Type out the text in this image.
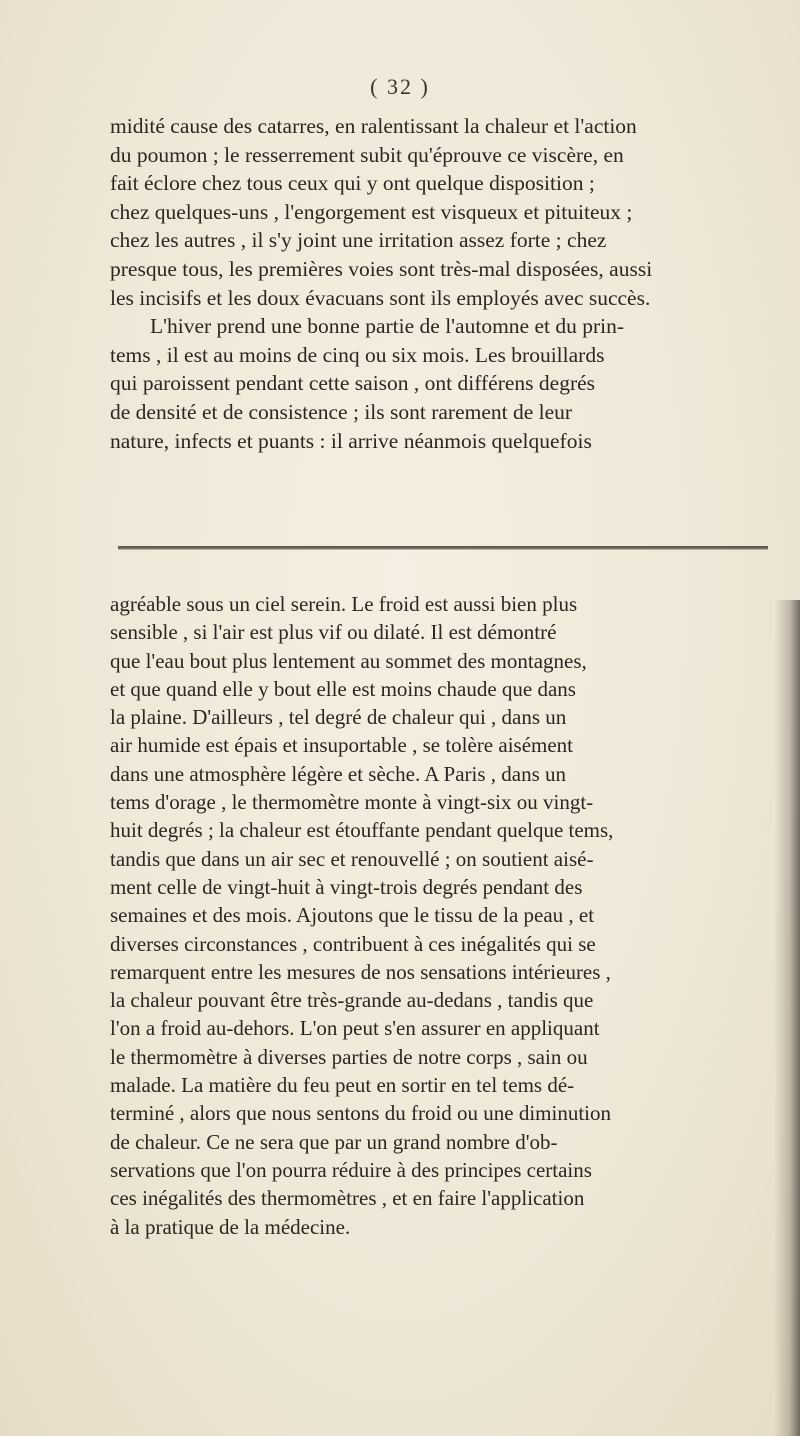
( 32 )

midité cause des catarres, en ralentissant la chaleur et l'action
du poumon ; le resserrement subit qu'éprouve ce viscère, en
fait éclore chez tous ceux qui y ont quelque disposition ;
chez quelques-uns , l'engorgement est visqueux et pituiteux ;
chez les autres , il s'y joint une irritation assez forte ; chez
presque tous, les premières voies sont très-mal disposées, aussi
les incisifs et les doux évacuans sont ils employés avec succès.

L'hiver prend une bonne partie de l'automne et du prin-

tems , il est au moins de cinq ou six mois. Les brouillards
qui paroissent pendant cette saison , ont différens degrés
de densité et de consistence ; ils sont rarement de leur
nature, infects et puants : il arrive néanmois quelquefois

agréable sous un ciel serein. Le froid est aussi bien plus
sensible , si l'air est plus vif ou dilaté. Il est démontré
que l'eau bout plus lentement au sommet des montagnes,
et que quand elle y bout elle est moins chaude que dans
la plaine. D'ailleurs , tel degré de chaleur qui , dans un
air humide est épais et insuportable , se tolère aisément
dans une atmosphère légère et sèche. A Paris , dans un
tems d'orage , le thermomètre monte à vingt-six ou vingt-
huit degrés ; la chaleur est étouffante pendant quelque tems,
tandis que dans un air sec et renouvellé ; on soutient aisé-
ment celle de vingt-huit à vingt-trois degrés pendant des
semaines et des mois. Ajoutons que le tissu de la peau , et
diverses circonstances , contribuent à ces inégalités qui se
remarquent entre les mesures de nos sensations intérieures ,
la chaleur pouvant être très-grande au-dedans , tandis que
l'on a froid au-dehors. L'on peut s'en assurer en appliquant
le thermomètre à diverses parties de notre corps , sain ou
malade. La matière du feu peut en sortir en tel tems dé-
terminé , alors que nous sentons du froid ou une diminution
de chaleur. Ce ne sera que par un grand nombre d'ob-
servations que l'on pourra réduire à des principes certains
ces inégalités des thermomètres , et en faire l'application
à la pratique de la médecine.
